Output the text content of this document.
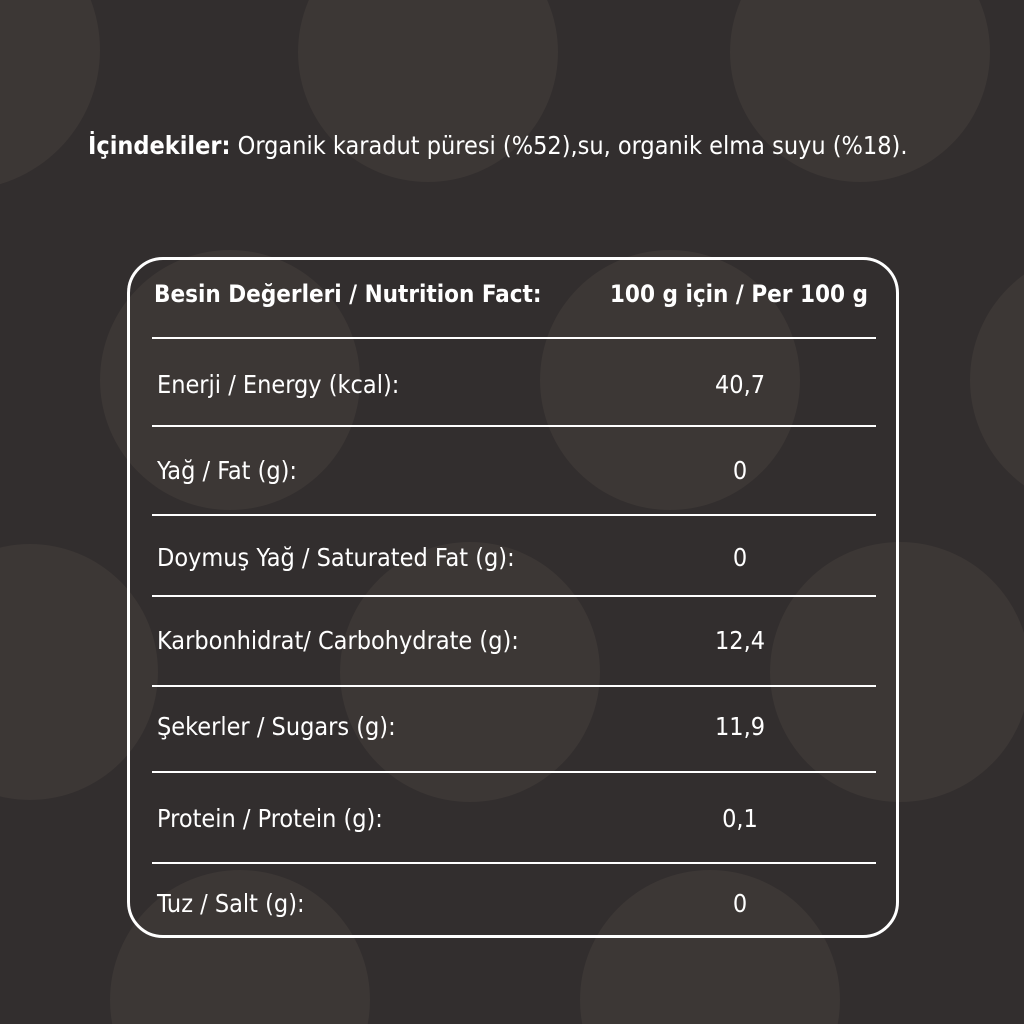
İçindekiler: Organik karadut püresi (%52),su, organik elma suyu (%18).
Besin Değerleri / Nutrition Fact:	100 g için / Per 100 g
Enerji / Energy (kcal):	40,7
Yağ / Fat (g):	0
Doymuş Yağ / Saturated Fat (g):	0
Karbonhidrat/ Carbohydrate (g):	12,4
Şekerler / Sugars (g):	11,9
Protein / Protein (g):	0,1
Tuz / Salt (g):	0
